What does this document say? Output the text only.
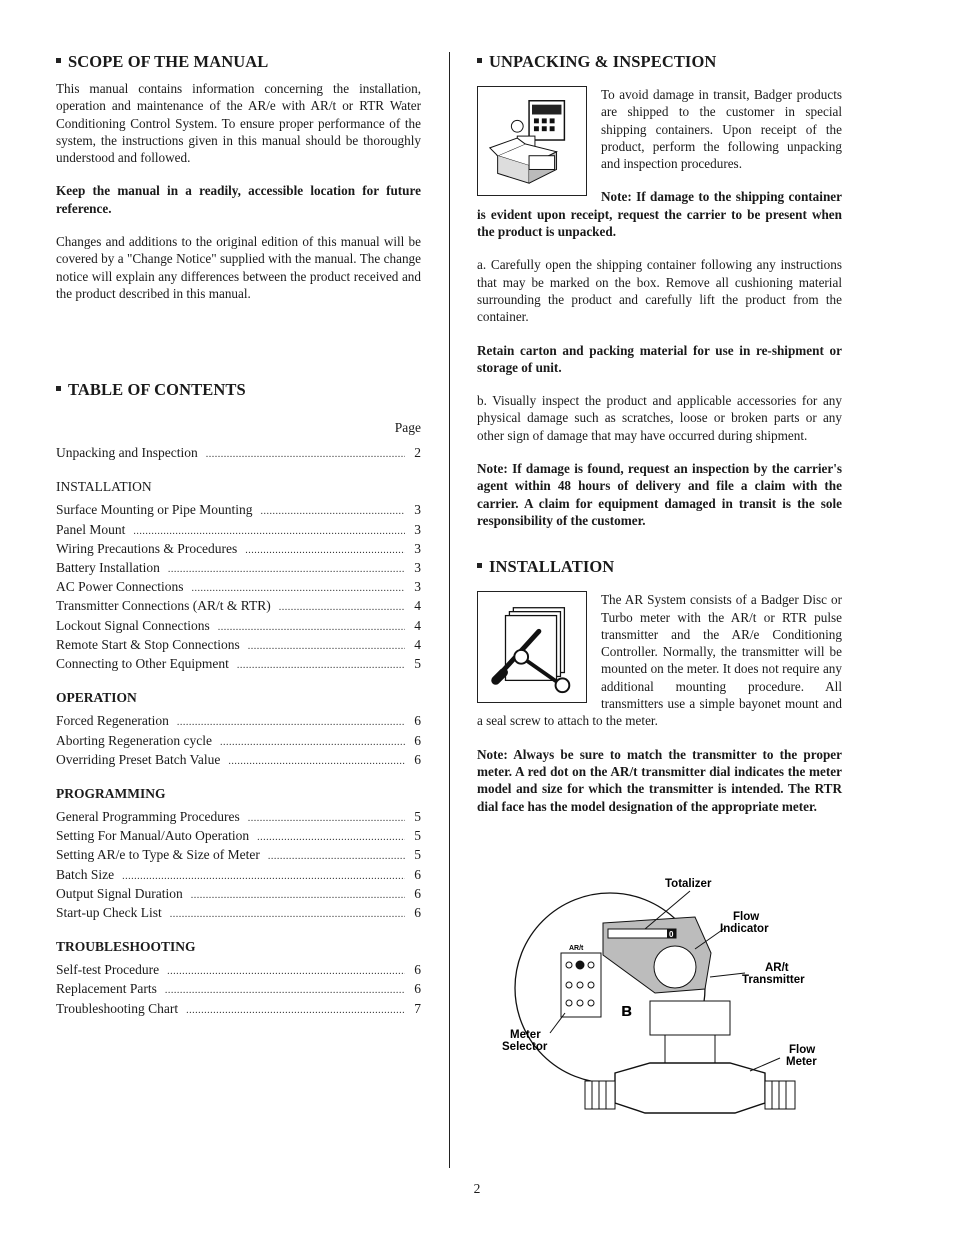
SCOPE OF THE MANUAL

This manual contains information concerning the installation, operation and maintenance of the AR/e with AR/t or RTR Water Conditioning Control System. To ensure proper performance of the system, the instructions given in this manual should be thoroughly understood and followed.

Keep the manual in a readily, accessible location for future reference.

Changes and additions to the original edition of this manual will be covered by a "Change Notice" supplied with the manual. The change notice will explain any differences between the product received and the product described in this manual.

TABLE OF CONTENTS
Page
Unpacking and Inspection .....	2
INSTALLATION
Surface Mounting or Pipe Mounting .....	3
Panel Mount .....	3
Wiring Precautions & Procedures .....	3
Battery Installation .....	3
AC Power Connections .....	3
Transmitter Connections (AR/t & RTR) .....	4
Lockout Signal Connections .....	4
Remote Start & Stop Connections .....	4
Connecting to Other Equipment .....	5
OPERATION
Forced Regeneration .....	6
Aborting Regeneration cycle .....	6
Overriding Preset Batch Value .....	6
PROGRAMMING
General Programming Procedures .....	5
Setting For Manual/Auto Operation .....	5
Setting AR/e to Type & Size of Meter .....	5
Batch Size .....	6
Output Signal Duration .....	6
Start-up Check List .....	6
TROUBLESHOOTING
Self-test Procedure .....	6
Replacement Parts .....	6
Troubleshooting Chart .....	7
UNPACKING & INSPECTION

To avoid damage in transit, Badger products are shipped to the customer in special shipping containers. Upon receipt of the product, perform the following unpacking and inspection procedures.

Note: If damage to the shipping container is evident upon receipt, request the carrier to be present when the product is unpacked.

a. Carefully open the shipping container following any instructions that may be marked on the box. Remove all cushioning material surrounding the product and carefully lift the product from the container.

Retain carton and packing material for use in re-shipment or storage of unit.

b. Visually inspect the product and applicable accessories for any physical damage such as scratches, loose or broken parts or any other sign of damage that may have occurred during shipment.

Note: If damage is found, request an inspection by the carrier's agent within 48 hours of delivery and file a claim with the carrier. A claim for equipment damaged in transit is the sole responsibility of the customer.

INSTALLATION

The AR System consists of a Badger Disc or Turbo meter with the AR/t or RTR pulse transmitter and the AR/e Conditioning Controller. Normally, the transmitter will be mounted on the meter. It does not require any additional mounting procedure. All transmitters use a simple bayonet mount and a seal screw to attach to the meter.

Note: Always be sure to match the transmitter to the proper meter. A red dot on the AR/t transmitter dial indicates the meter model and size for which the transmitter is intended. The RTR dial face has the model designation of the appropriate meter.

0
AR/t
ʙ
Totalizer
Flow
Indicator
AR/t
Transmitter
Meter
Selector	Flow
Meter
2
